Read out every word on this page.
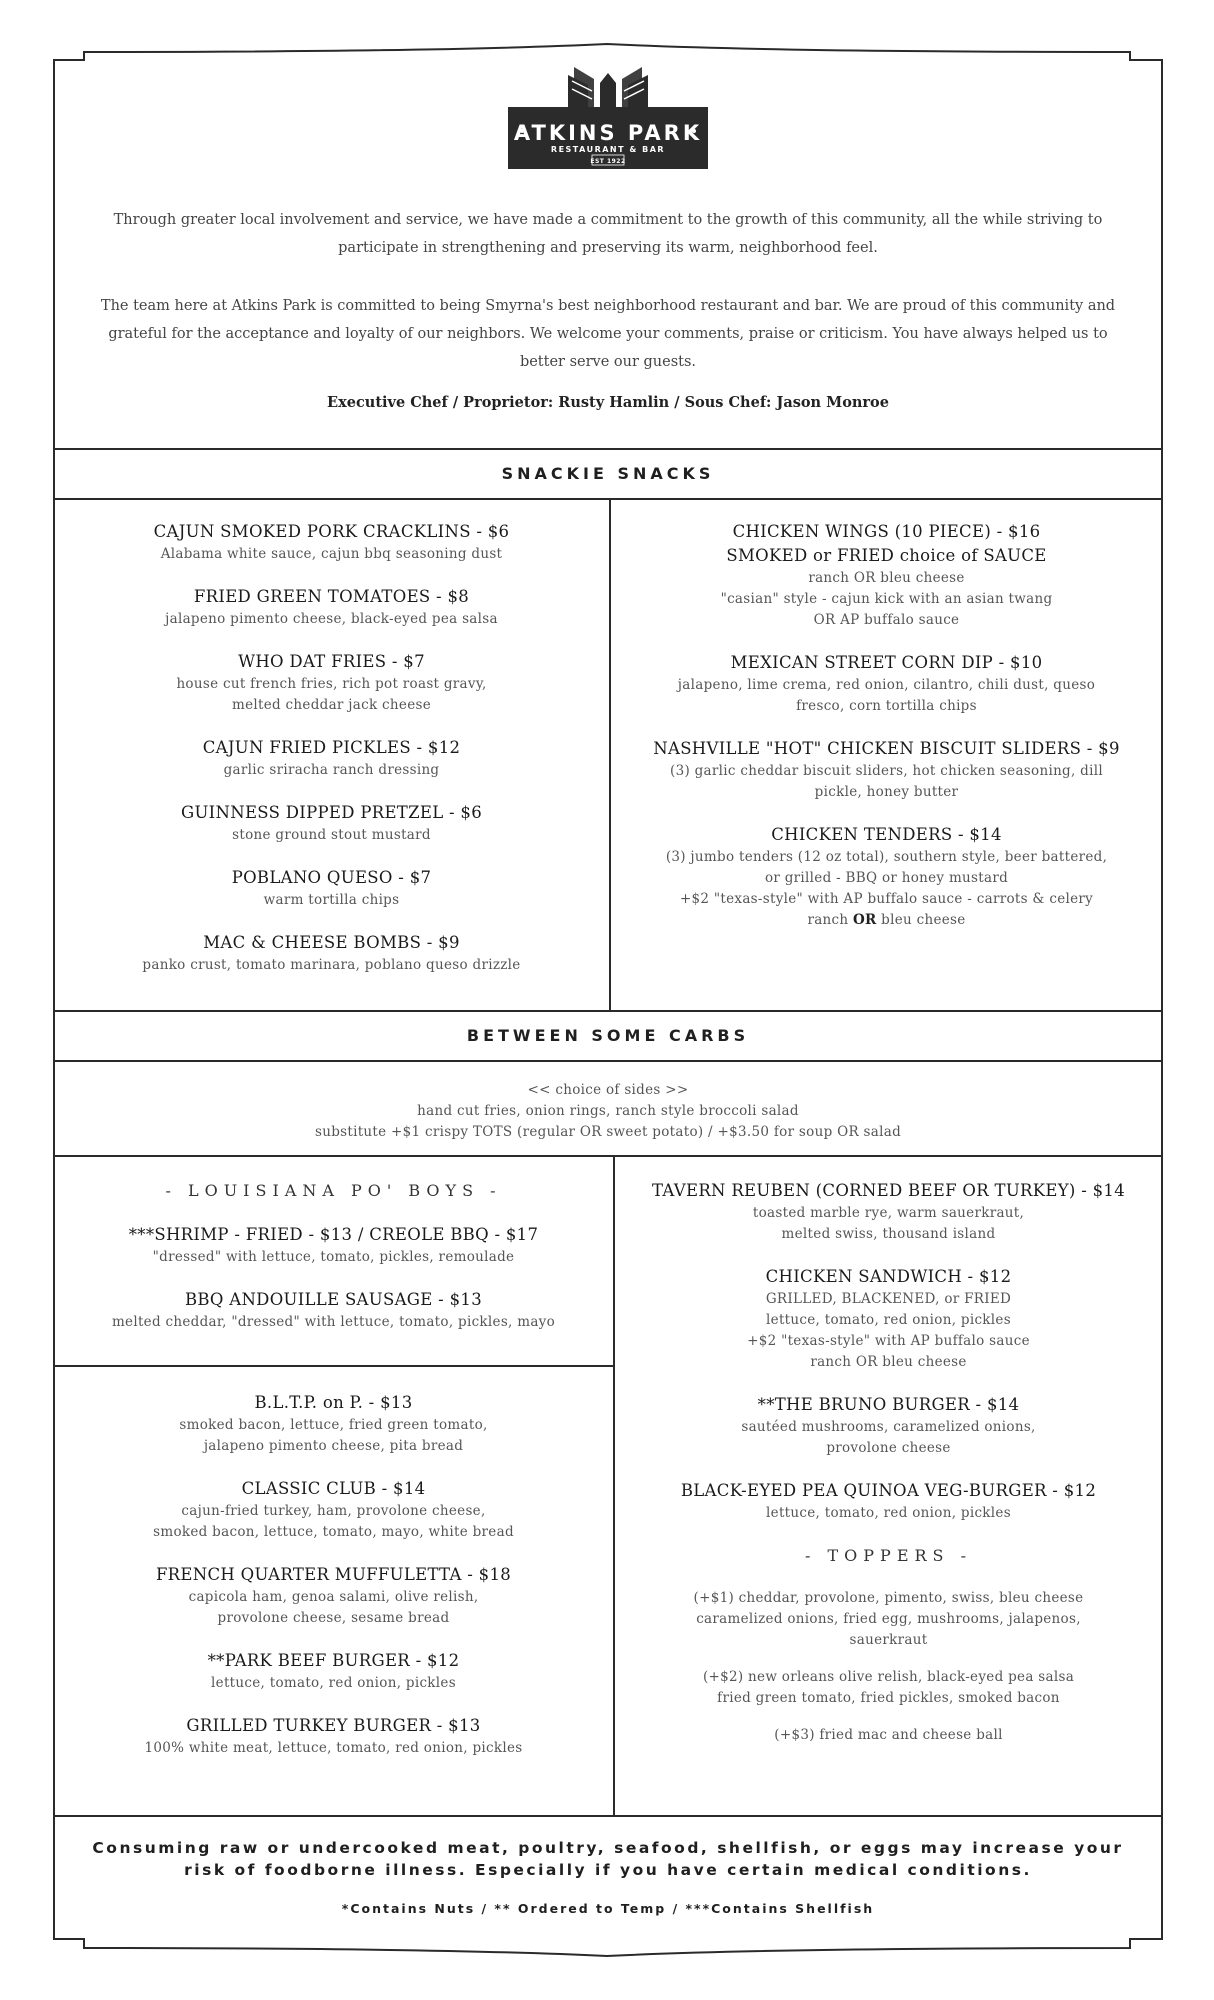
ATKINS PARK
RESTAURANT & BAR
EST 1922
Through greater local involvement and service, we have made a commitment to the growth of this community, all the while striving to participate in strengthening and preserving its warm, neighborhood feel.
The team here at Atkins Park is committed to being Smyrna's best neighborhood restaurant and bar. We are proud of this community and grateful for the acceptance and loyalty of our neighbors. We welcome your comments, praise or criticism. You have always helped us to better serve our guests.
Executive Chef / Proprietor: Rusty Hamlin / Sous Chef: Jason Monroe
SNACKIE SNACKS
CAJUN SMOKED PORK CRACKLINS - $6
Alabama white sauce, cajun bbq seasoning dust
FRIED GREEN TOMATOES - $8
jalapeno pimento cheese, black-eyed pea salsa
WHO DAT FRIES - $7
house cut french fries, rich pot roast gravy,
melted cheddar jack cheese
CAJUN FRIED PICKLES - $12
garlic sriracha ranch dressing
GUINNESS DIPPED PRETZEL - $6
stone ground stout mustard
POBLANO QUESO - $7
warm tortilla chips
MAC & CHEESE BOMBS - $9
panko crust, tomato marinara, poblano queso drizzle
CHICKEN WINGS (10 PIECE) - $16
SMOKED or FRIED choice of SAUCE
ranch OR bleu cheese
"casian" style - cajun kick with an asian twang
OR AP buffalo sauce
MEXICAN STREET CORN DIP - $10
jalapeno, lime crema, red onion, cilantro, chili dust, queso
fresco, corn tortilla chips
NASHVILLE "HOT" CHICKEN BISCUIT SLIDERS - $9
(3) garlic cheddar biscuit sliders, hot chicken seasoning, dill
pickle, honey butter
CHICKEN TENDERS - $14
(3) jumbo tenders (12 oz total), southern style, beer battered,
or grilled - BBQ or honey mustard
+$2 "texas-style" with AP buffalo sauce - carrots & celery
ranch OR bleu cheese
BETWEEN SOME CARBS
<< choice of sides >>
hand cut fries, onion rings, ranch style broccoli salad
substitute +$1 crispy TOTS (regular OR sweet potato) / +$3.50 for soup OR salad
- LOUISIANA PO' BOYS -
***SHRIMP - FRIED - $13 / CREOLE BBQ - $17
"dressed" with lettuce, tomato, pickles, remoulade
BBQ ANDOUILLE SAUSAGE - $13
melted cheddar, "dressed" with lettuce, tomato, pickles, mayo
B.L.T.P. on P. - $13
smoked bacon, lettuce, fried green tomato,
jalapeno pimento cheese, pita bread
CLASSIC CLUB - $14
cajun-fried turkey, ham, provolone cheese,
smoked bacon, lettuce, tomato, mayo, white bread
FRENCH QUARTER MUFFULETTA - $18
capicola ham, genoa salami, olive relish,
provolone cheese, sesame bread
**PARK BEEF BURGER - $12
lettuce, tomato, red onion, pickles
GRILLED TURKEY BURGER - $13
100% white meat, lettuce, tomato, red onion, pickles
TAVERN REUBEN (CORNED BEEF OR TURKEY) - $14
toasted marble rye, warm sauerkraut,
melted swiss, thousand island
CHICKEN SANDWICH - $12
GRILLED, BLACKENED, or FRIED
lettuce, tomato, red onion, pickles
+$2 "texas-style" with AP buffalo sauce
ranch OR bleu cheese
**THE BRUNO BURGER - $14
sautéed mushrooms, caramelized onions,
provolone cheese
BLACK-EYED PEA QUINOA VEG-BURGER - $12
lettuce, tomato, red onion, pickles
- TOPPERS -
(+$1) cheddar, provolone, pimento, swiss, bleu cheese
caramelized onions, fried egg, mushrooms, jalapenos,
sauerkraut
(+$2) new orleans olive relish, black-eyed pea salsa
fried green tomato, fried pickles, smoked bacon
(+$3) fried mac and cheese ball
Consuming raw or undercooked meat, poultry, seafood, shellfish, or eggs may increase your risk of foodborne illness. Especially if you have certain medical conditions.
*Contains Nuts / ** Ordered to Temp / ***Contains Shellfish
